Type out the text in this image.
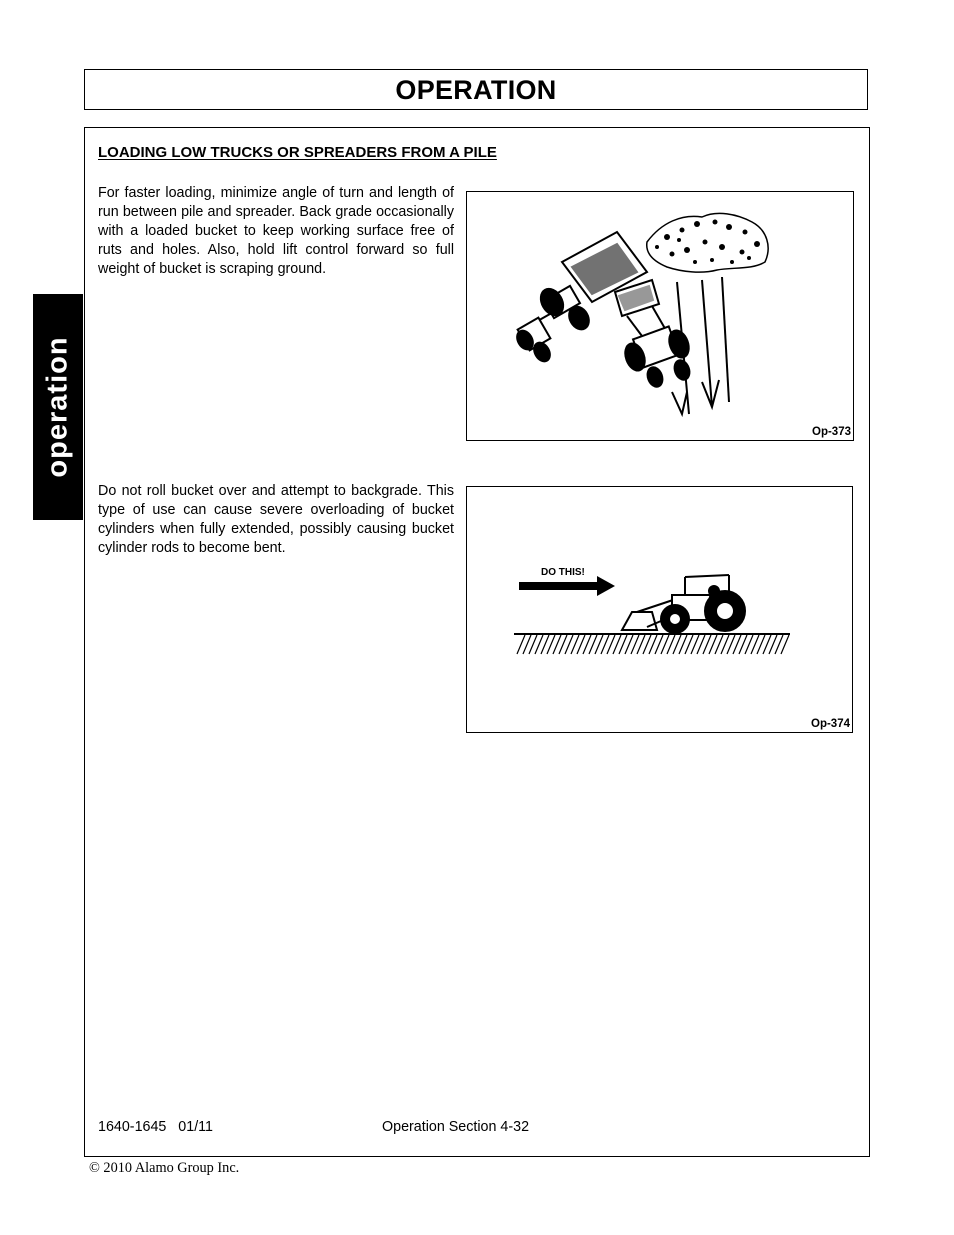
OPERATION
operation
LOADING LOW TRUCKS OR SPREADERS FROM A PILE
For faster loading, minimize angle of turn and length of run between pile and spreader. Back grade occasionally with a loaded bucket to keep working surface free of ruts and holes. Also, hold lift control forward so full weight of bucket is scraping ground.
Do not roll bucket over and attempt to backgrade. This type of use can cause severe overloading of bucket cylinders when fully extended, possibly causing bucket cylinder rods to become bent.
Op-373
DO THIS!
Op-374
1640-1645   01/11	Operation Section 4-32
© 2010 Alamo Group Inc.
